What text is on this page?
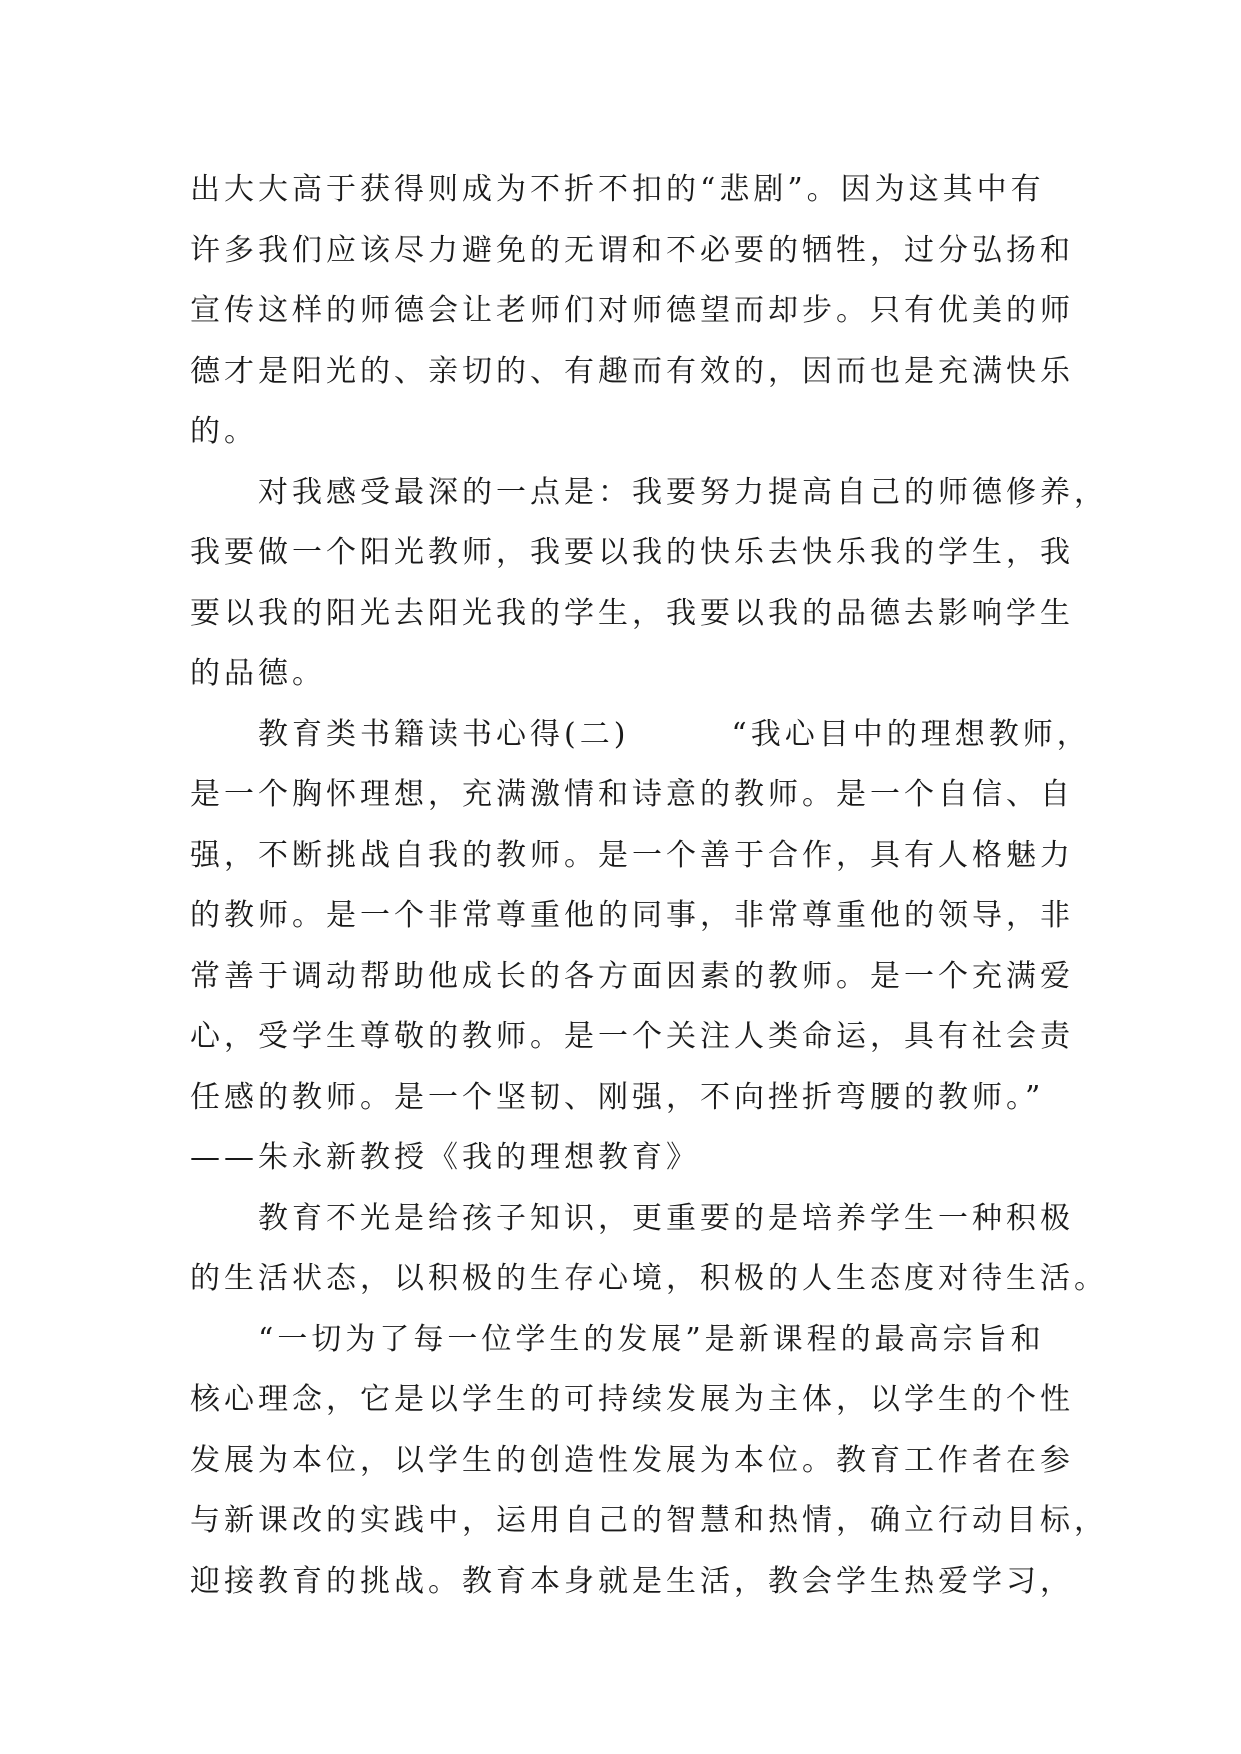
出大大高于获得则成为不折不扣的“悲剧”。因为这其中有
许多我们应该尽力避免的无谓和不必要的牺牲，过分弘扬和
宣传这样的师德会让老师们对师德望而却步。只有优美的师
德才是阳光的、亲切的、有趣而有效的，因而也是充满快乐
的。
对我感受最深的一点是：我要努力提高自己的师德修养，
我要做一个阳光教师，我要以我的快乐去快乐我的学生，我
要以我的阳光去阳光我的学生，我要以我的品德去影响学生
的品德。
教育类书籍读书心得(二)　　　“我心目中的理想教师，
是一个胸怀理想，充满激情和诗意的教师。是一个自信、自
强，不断挑战自我的教师。是一个善于合作，具有人格魅力
的教师。是一个非常尊重他的同事，非常尊重他的领导，非
常善于调动帮助他成长的各方面因素的教师。是一个充满爱
心，受学生尊敬的教师。是一个关注人类命运，具有社会责
任感的教师。是一个坚韧、刚强，不向挫折弯腰的教师。”
——朱永新教授《我的理想教育》
教育不光是给孩子知识，更重要的是培养学生一种积极
的生活状态，以积极的生存心境，积极的人生态度对待生活。
“一切为了每一位学生的发展”是新课程的最高宗旨和
核心理念，它是以学生的可持续发展为主体，以学生的个性
发展为本位，以学生的创造性发展为本位。教育工作者在参
与新课改的实践中，运用自己的智慧和热情，确立行动目标，
迎接教育的挑战。教育本身就是生活，教会学生热爱学习，
